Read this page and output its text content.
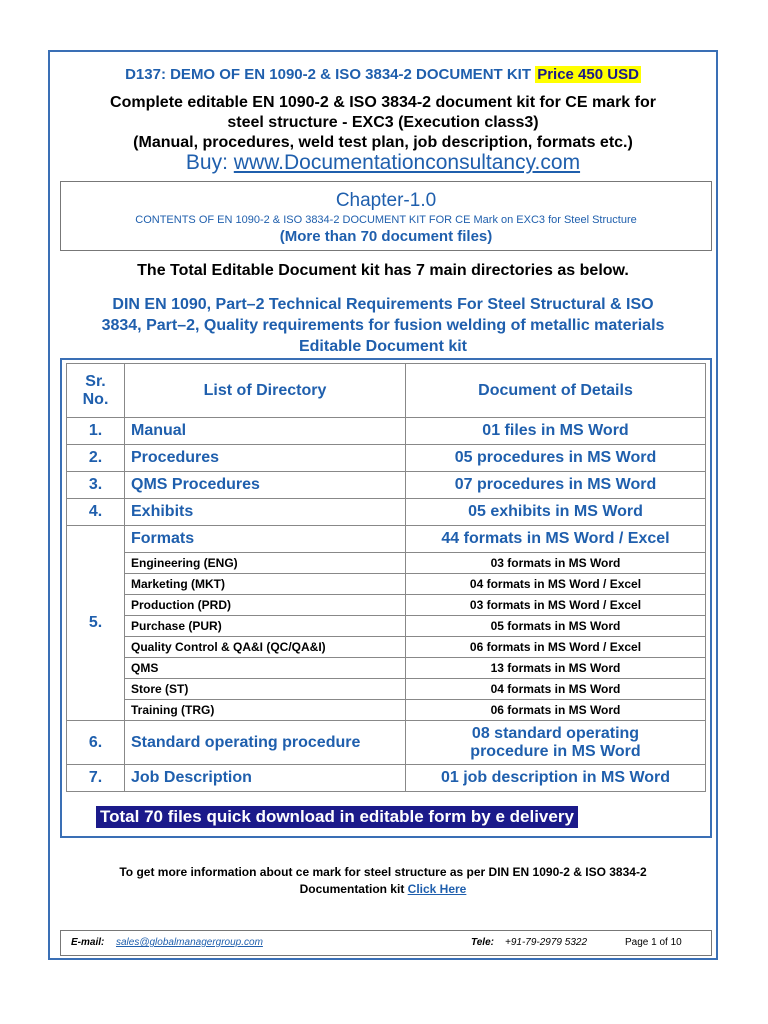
D137: DEMO OF EN 1090-2 & ISO 3834-2 DOCUMENT KIT Price 450 USD
Complete editable EN 1090-2 & ISO 3834-2 document kit for CE mark for
steel structure - EXC3 (Execution class3)
(Manual, procedures, weld test plan, job description, formats etc.)
Buy: www.Documentationconsultancy.com
Chapter-1.0
CONTENTS OF EN 1090-2 & ISO 3834-2 DOCUMENT KIT FOR CE Mark on EXC3 for Steel Structure
(More than 70 document files)
The Total Editable Document kit has 7 main directories as below.
DIN EN 1090, Part–2 Technical Requirements For Steel Structural & ISO
3834, Part–2, Quality requirements for fusion welding of metallic materials
Editable Document kit
Sr.
No.	List of Directory	Document of Details
1.	Manual	01 files in MS Word
2.	Procedures	05 procedures in MS Word
3.	QMS Procedures	07 procedures in MS Word
4.	Exhibits	05 exhibits in MS Word
5.	Formats	44 formats in MS Word / Excel
	Engineering (ENG)	03 formats in MS Word
	Marketing (MKT)	04 formats in MS Word / Excel
	Production (PRD)	03 formats in MS Word / Excel
	Purchase (PUR)	05 formats in MS Word
	Quality Control & QA&I (QC/QA&I)	06 formats in MS Word / Excel
	QMS	13 formats in MS Word
	Store (ST)	04 formats in MS Word
	Training (TRG)	06 formats in MS Word
6.	Standard operating procedure	08 standard operating
procedure in MS Word
7.	Job Description	01 job description in MS Word
Total 70 files quick download in editable form by e delivery
To get more information about ce mark for steel structure as per DIN EN 1090-2 & ISO 3834-2
Documentation kit Click Here
E-mail: sales@globalmanagergroup.com	Tele: +91-79-2979 5322	Page 1 of 10
